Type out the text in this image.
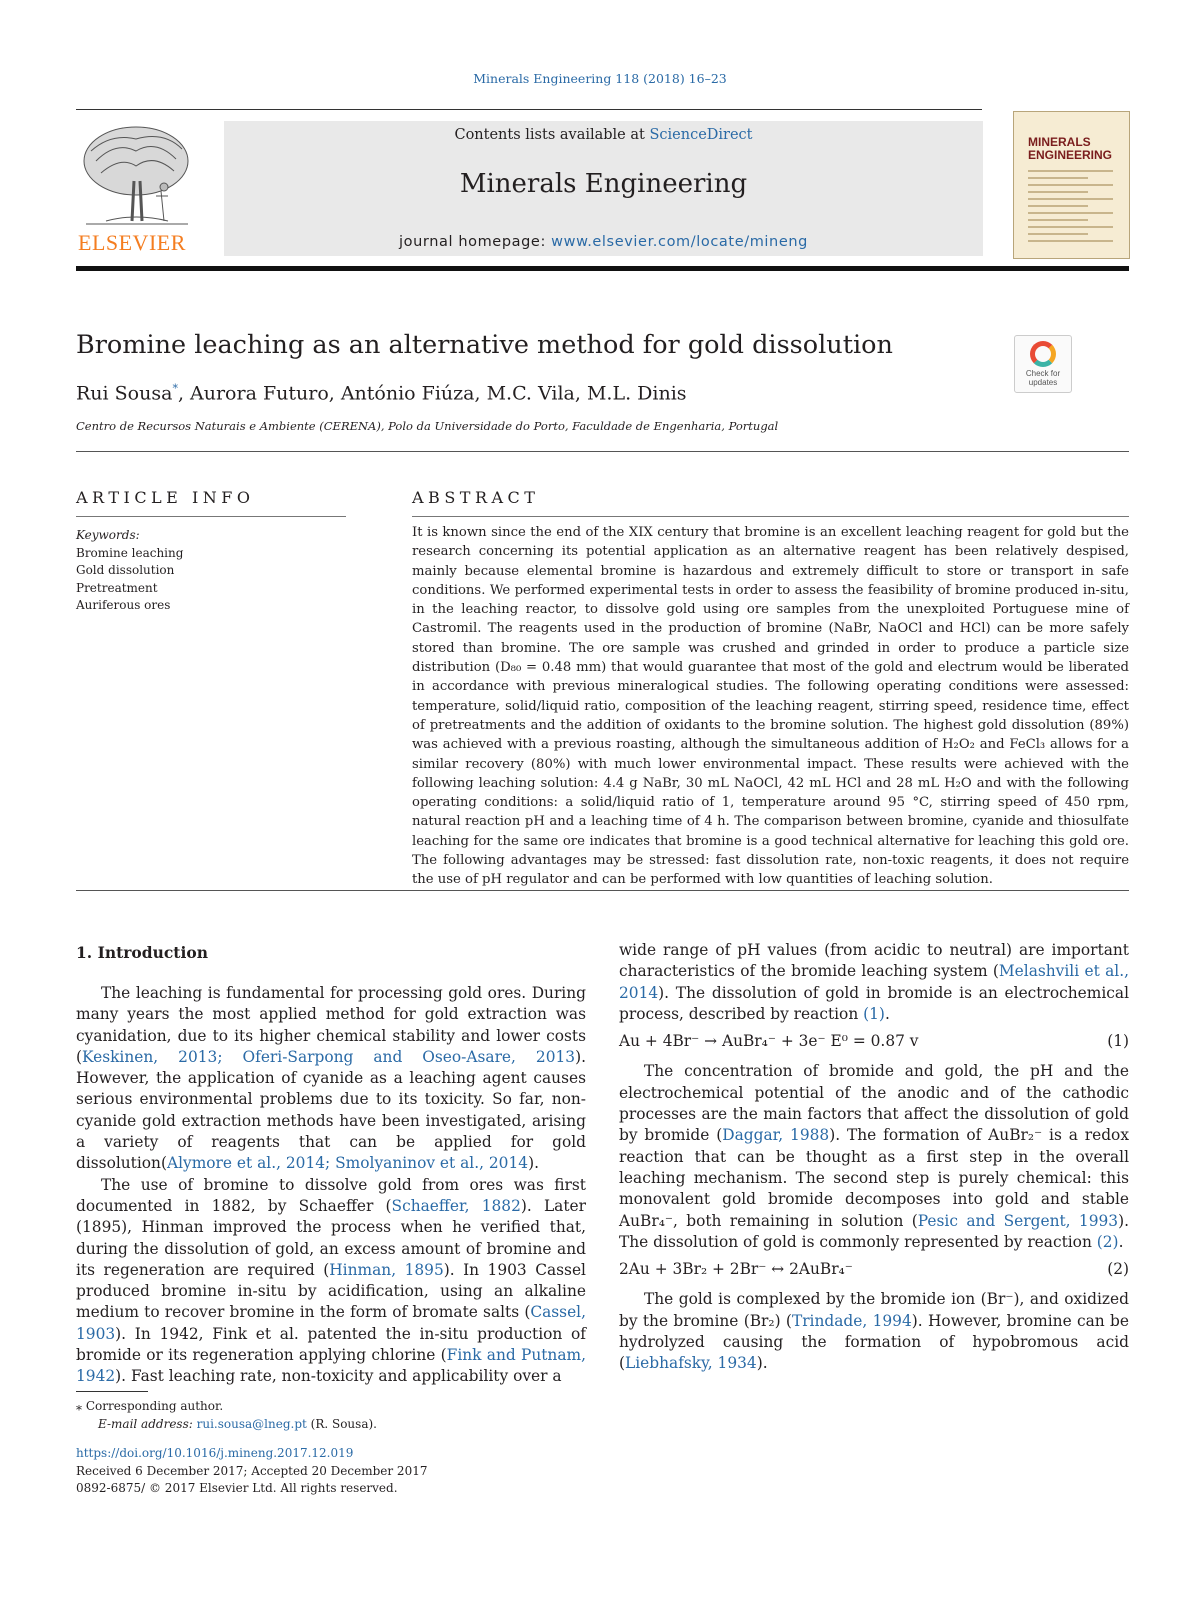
Minerals Engineering 118 (2018) 16–23
ELSEVIER
Contents lists available at ScienceDirect
Minerals Engineering
journal homepage: www.elsevier.com/locate/mineng
MINERALS
ENGINEERING
Bromine leaching as an alternative method for gold dissolution
Check for
updates
Rui Sousa*, Aurora Futuro, António Fiúza, M.C. Vila, M.L. Dinis
Centro de Recursos Naturais e Ambiente (CERENA), Polo da Universidade do Porto, Faculdade de Engenharia, Portugal
ARTICLE INFO
Keywords:
Bromine leaching
Gold dissolution
Pretreatment
Auriferous ores
ABSTRACT
It is known since the end of the XIX century that bromine is an excellent leaching reagent for gold but the research concerning its potential application as an alternative reagent has been relatively despised, mainly because elemental bromine is hazardous and extremely difficult to store or transport in safe conditions. We performed experimental tests in order to assess the feasibility of bromine produced in-situ, in the leaching reactor, to dissolve gold using ore samples from the unexploited Portuguese mine of Castromil. The reagents used in the production of bromine (NaBr, NaOCl and HCl) can be more safely stored than bromine. The ore sample was crushed and grinded in order to produce a particle size distribution (D₈₀ = 0.48 mm) that would guarantee that most of the gold and electrum would be liberated in accordance with previous mineralogical studies. The following operating conditions were assessed: temperature, solid/liquid ratio, composition of the leaching reagent, stirring speed, residence time, effect of pretreatments and the addition of oxidants to the bromine solution. The highest gold dissolution (89%) was achieved with a previous roasting, although the simultaneous addition of H₂O₂ and FeCl₃ allows for a similar recovery (80%) with much lower environmental impact. These results were achieved with the following leaching solution: 4.4 g NaBr, 30 mL NaOCl, 42 mL HCl and 28 mL H₂O and with the following operating conditions: a solid/liquid ratio of 1, temperature around 95 °C, stirring speed of 450 rpm, natural reaction pH and a leaching time of 4 h. The comparison between bromine, cyanide and thiosulfate leaching for the same ore indicates that bromine is a good technical alternative for leaching this gold ore. The following advantages may be stressed: fast dissolution rate, non-toxic reagents, it does not require the use of pH regulator and can be performed with low quantities of leaching solution.
1. Introduction

The leaching is fundamental for processing gold ores. During many years the most applied method for gold extraction was cyanidation, due to its higher chemical stability and lower costs (Keskinen, 2013; Oferi-Sarpong and Oseo-Asare, 2013). However, the application of cyanide as a leaching agent causes serious environmental problems due to its toxicity. So far, non-cyanide gold extraction methods have been investigated, arising a variety of reagents that can be applied for gold dissolution(Alymore et al., 2014; Smolyaninov et al., 2014).

The use of bromine to dissolve gold from ores was first documented in 1882, by Schaeffer (Schaeffer, 1882). Later (1895), Hinman improved the process when he verified that, during the dissolution of gold, an excess amount of bromine and its regeneration are required (Hinman, 1895). In 1903 Cassel produced bromine in-situ by acidification, using an alkaline medium to recover bromine in the form of bromate salts (Cassel, 1903). In 1942, Fink et al. patented the in-situ production of bromide or its regeneration applying chlorine (Fink and Putnam, 1942). Fast leaching rate, non-toxicity and applicability over a

wide range of pH values (from acidic to neutral) are important characteristics of the bromide leaching system (Melashvili et al., 2014). The dissolution of gold in bromide is an electrochemical process, described by reaction (1).

Au + 4Br⁻ → AuBr₄⁻ + 3e⁻ E⁰ = 0.87 v	(1)

The concentration of bromide and gold, the pH and the electrochemical potential of the anodic and of the cathodic processes are the main factors that affect the dissolution of gold by bromide (Daggar, 1988). The formation of AuBr₂⁻ is a redox reaction that can be thought as a first step in the overall leaching mechanism. The second step is purely chemical: this monovalent gold bromide decomposes into gold and stable AuBr₄⁻, both remaining in solution (Pesic and Sergent, 1993). The dissolution of gold is commonly represented by reaction (2).

2Au + 3Br₂ + 2Br⁻ ↔ 2AuBr₄⁻	(2)

The gold is complexed by the bromide ion (Br⁻), and oxidized by the bromine (Br₂) (Trindade, 1994). However, bromine can be hydrolyzed causing the formation of hypobromous acid (Liebhafsky, 1934).

⁎ Corresponding author.
E-mail address: rui.sousa@lneg.pt (R. Sousa).
https://doi.org/10.1016/j.mineng.2017.12.019
Received 6 December 2017; Accepted 20 December 2017
0892-6875/ © 2017 Elsevier Ltd. All rights reserved.
